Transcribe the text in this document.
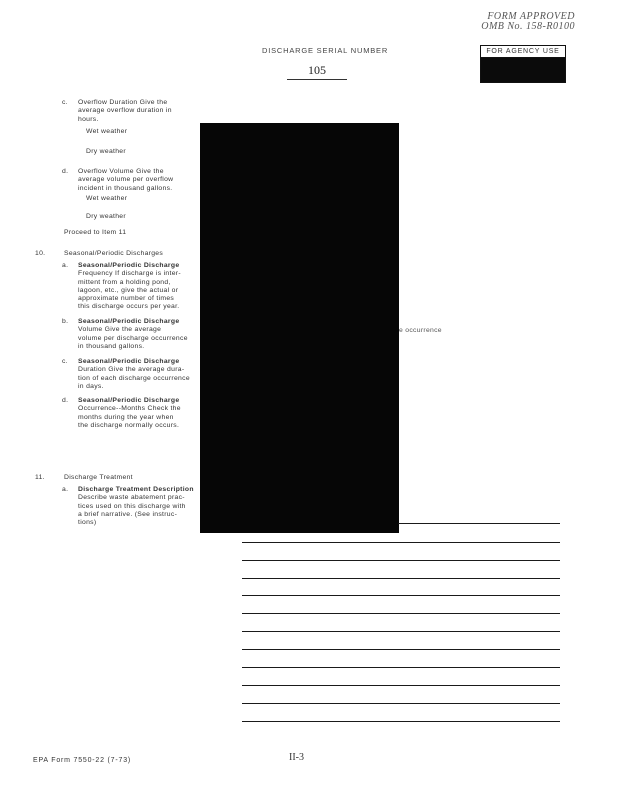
FORM APPROVED
OMB No. 158-R0100
DISCHARGE SERIAL NUMBER
105
FOR AGENCY USE
c. Overflow Duration Give the
average overflow duration in
hours.
Wet weather
Dry weather
d. Overflow Volume Give the
average volume per overflow
incident in thousand gallons.
Wet weather
Dry weather
Proceed to Item 11
10.	Seasonal/Periodic Discharges
a. Seasonal/Periodic Discharge
Frequency If discharge is inter-
mittent from a holding pond,
lagoon, etc., give the actual or
approximate number of times
this discharge occurs per year.
b. Seasonal/Periodic Discharge
Volume Give the average
volume per discharge occurrence
in thousand gallons.
c. Seasonal/Periodic Discharge
Duration Give the average dura-
tion of each discharge occurrence
in days.
d. Seasonal/Periodic Discharge
Occurrence--Months Check the
months during the year when
the discharge normally occurs.
11.	Discharge Treatment
a. Discharge Treatment Description
Describe waste abatement prac-
tices used on this discharge with
a brief narrative. (See instruc-
tions)
e occurrence
EPA Form 7550-22 (7-73)	II-3
